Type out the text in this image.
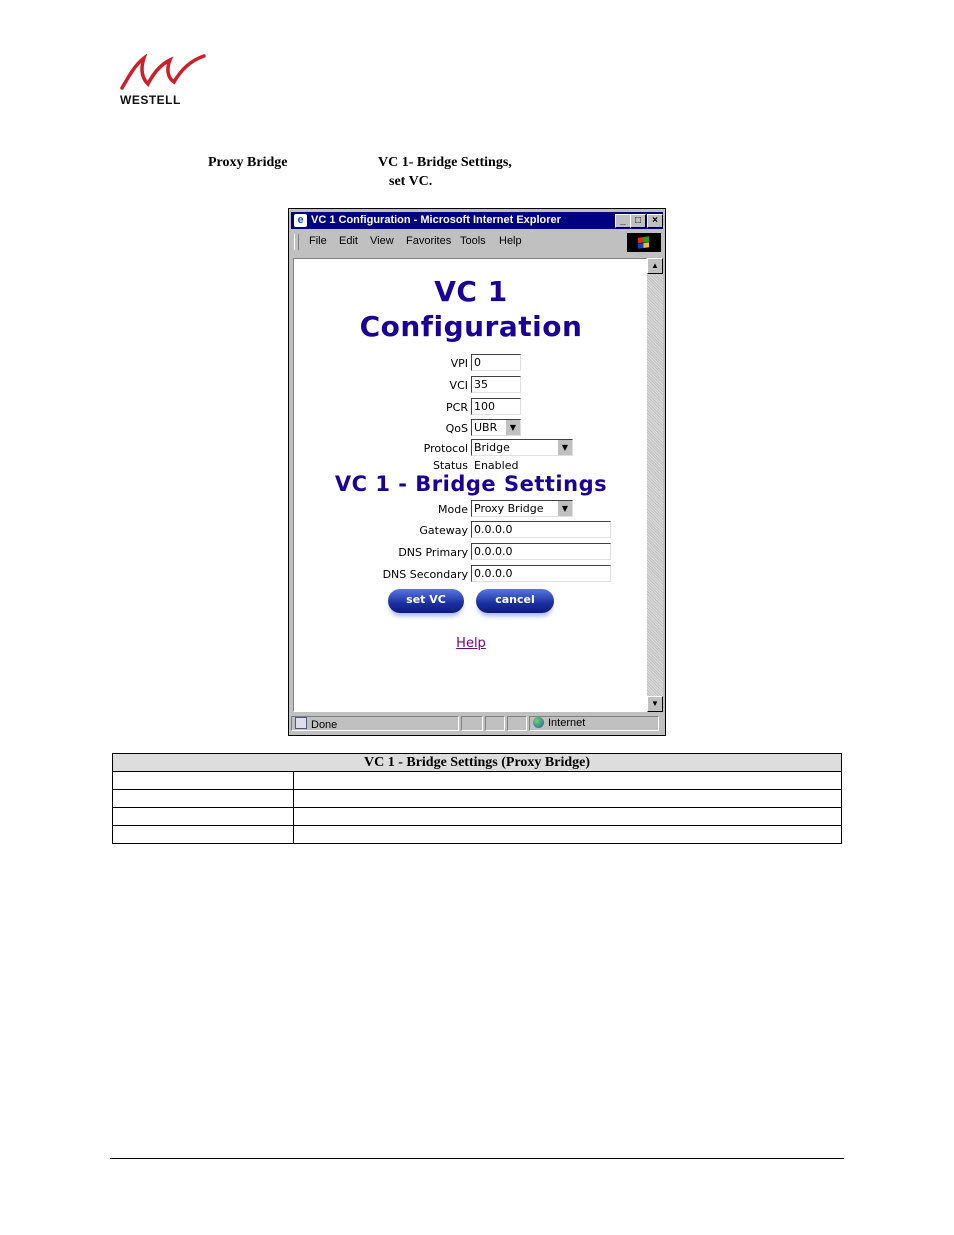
WESTELL
Proxy Bridge	VC 1- Bridge Settings,
set VC.
e VC 1 Configuration - Microsoft Internet Explorer	_ □	×
File Edit View Favorites Tools Help
VC 1
Configuration
VPI 0
VCI 35
PCR 100
QoS UBR	▼
Protocol Bridge	▼
Status Enabled
VC 1 - Bridge Settings
Mode Proxy Bridge	▼
Gateway 0.0.0.0
DNS Primary 0.0.0.0
DNS Secondary 0.0.0.0
set VC	cancel
Help
▲
▼
Done	Internet
VC 1 - Bridge Settings (Proxy Bridge)	
